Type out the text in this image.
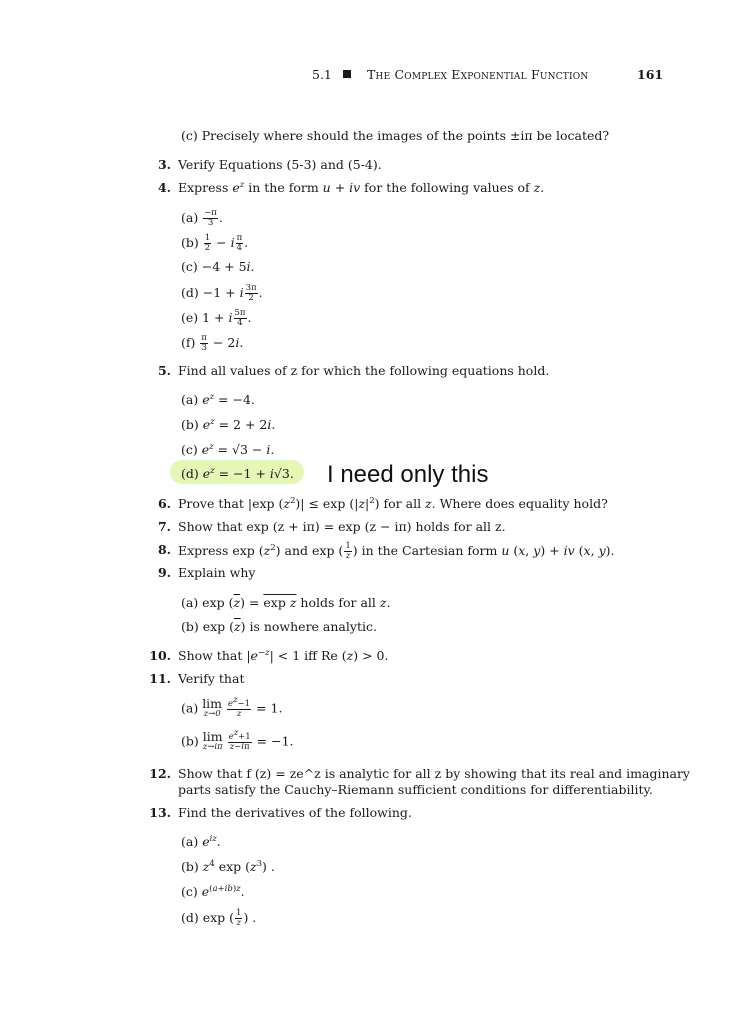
5.1	The Complex Exponential Function	161
(c) Precisely where should the images of the points ±iπ be located?
3. Verify Equations (5-3) and (5-4).
4. Express $e^z$ in the form u + iv for the following values of z.
$(a) \frac{-\pi}{3}$ .
$(b) \frac{1}{2} - i \frac{\pi}{4}$ .
(c) −4 + 5i.
(d) −1 + i $\frac{3\pi}{2}$ .
(e) 1 + i $\frac{5\pi}{4}$ .
$(f) \frac{\pi}{3} - 2i$.
5. Find all values of z for which the following equations hold.
(a) $e^z = -4$.
(b) $e^z = 2 + 2i$.
(c) $e^z = √3 - i$.
(d) $e^z = -1 + i√3$. I need only this
6. Prove that |exp $(z^2)| \le \exp (|z|^2)$ for all z. Where does equality hold?
7. Show that exp (z + iπ) = exp (z − iπ) holds for all z.
8. Express $\exp (z^2)$ and exp ( $\frac{1}{z}$ ) in the Cartesian form u (x, y) + iv (x, y).
9. Explain why
(a) $\exp (\overline{z}) = \exp z$ holds for all z.
(b) $\exp (\overline{z})$ is nowhere analytic.
10. Show that $|e^{-z}| < 1$ iff Re (z) > 0.
11. Verify that
(a) lim
z→0
$\frac{ez-1}{z} = 1$.
(b) lim
z→iπ
$\frac{ez+1}{z-i\pi} = -1$.
12. Show that f (z) = ze^z is analytic for all z by showing that its real and imaginary
parts satisfy the Cauchy–Riemann sufficient conditions for differentiability.
13. Find the derivatives of the following.
(a) $e^{iz}$.
(b) $z^4$ $\exp (z^3)$ .
(c) $e^{(a+ib)z}$.
(d) exp ( $\frac{1}{z}$ ) .
